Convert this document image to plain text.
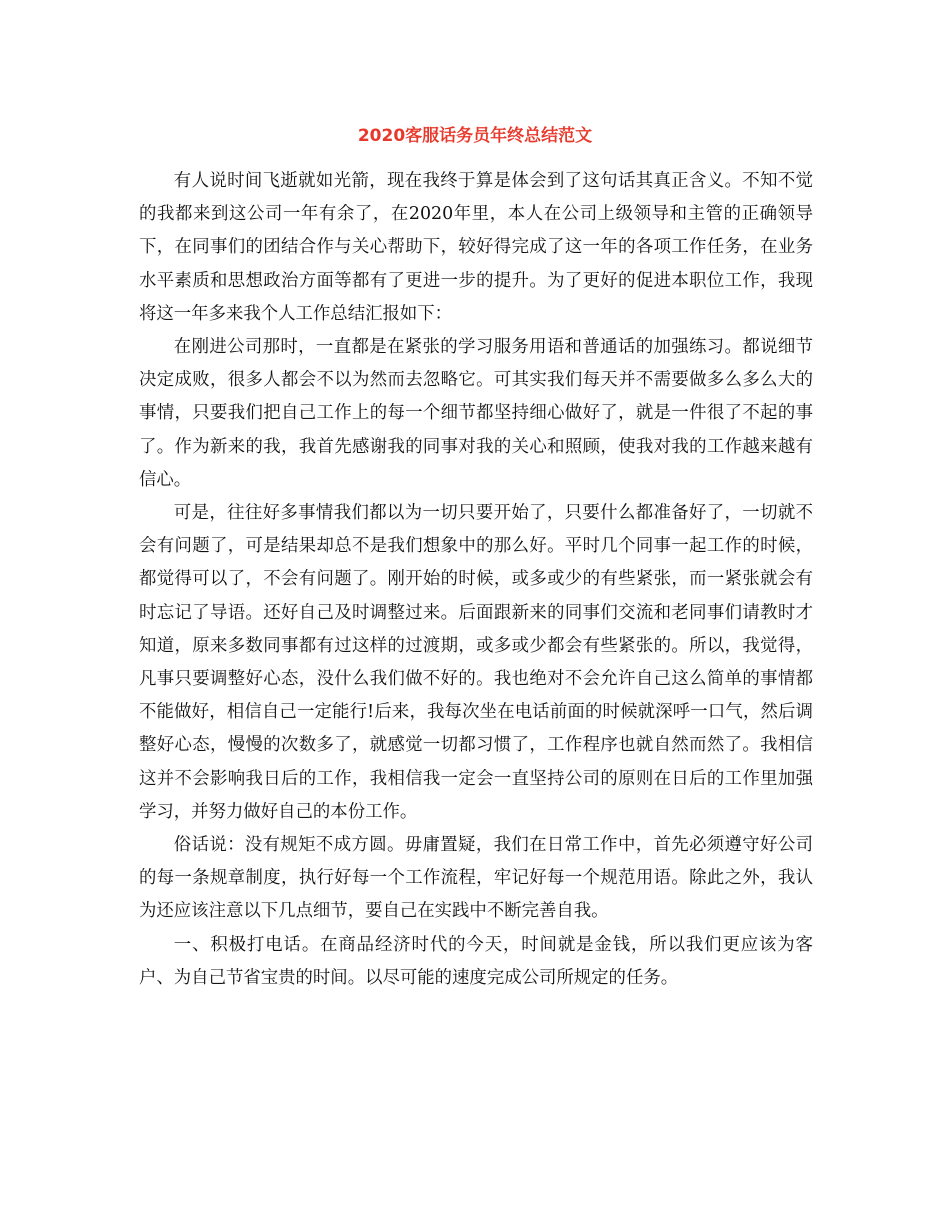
2020客服话务员年终总结范文

有人说时间飞逝就如光箭，现在我终于算是体会到了这句话其真正含义。不知不觉的我都来到这公司一年有余了，在2020年里，本人在公司上级领导和主管的正确领导下，在同事们的团结合作与关心帮助下，较好得完成了这一年的各项工作任务，在业务水平素质和思想政治方面等都有了更进一步的提升。为了更好的促进本职位工作，我现将这一年多来我个人工作总结汇报如下：

在刚进公司那时，一直都是在紧张的学习服务用语和普通话的加强练习。都说细节决定成败，很多人都会不以为然而去忽略它。可其实我们每天并不需要做多么多么大的事情，只要我们把自己工作上的每一个细节都坚持细心做好了，就是一件很了不起的事了。作为新来的我，我首先感谢我的同事对我的关心和照顾，使我对我的工作越来越有信心。

可是，往往好多事情我们都以为一切只要开始了，只要什么都准备好了，一切就不会有问题了，可是结果却总不是我们想象中的那么好。平时几个同事一起工作的时候，都觉得可以了，不会有问题了。刚开始的时候，或多或少的有些紧张，而一紧张就会有时忘记了导语。还好自己及时调整过来。后面跟新来的同事们交流和老同事们请教时才知道，原来多数同事都有过这样的过渡期，或多或少都会有些紧张的。所以，我觉得，凡事只要调整好心态，没什么我们做不好的。我也绝对不会允许自己这么简单的事情都不能做好，相信自己一定能行!后来，我每次坐在电话前面的时候就深呼一口气，然后调整好心态，慢慢的次数多了，就感觉一切都习惯了，工作程序也就自然而然了。我相信这并不会影响我日后的工作，我相信我一定会一直坚持公司的原则在日后的工作里加强学习，并努力做好自己的本份工作。

俗话说：没有规矩不成方圆。毋庸置疑，我们在日常工作中，首先必须遵守好公司的每一条规章制度，执行好每一个工作流程，牢记好每一个规范用语。除此之外，我认为还应该注意以下几点细节，要自己在实践中不断完善自我。

一、积极打电话。在商品经济时代的今天，时间就是金钱，所以我们更应该为客户、为自己节省宝贵的时间。以尽可能的速度完成公司所规定的任务。
